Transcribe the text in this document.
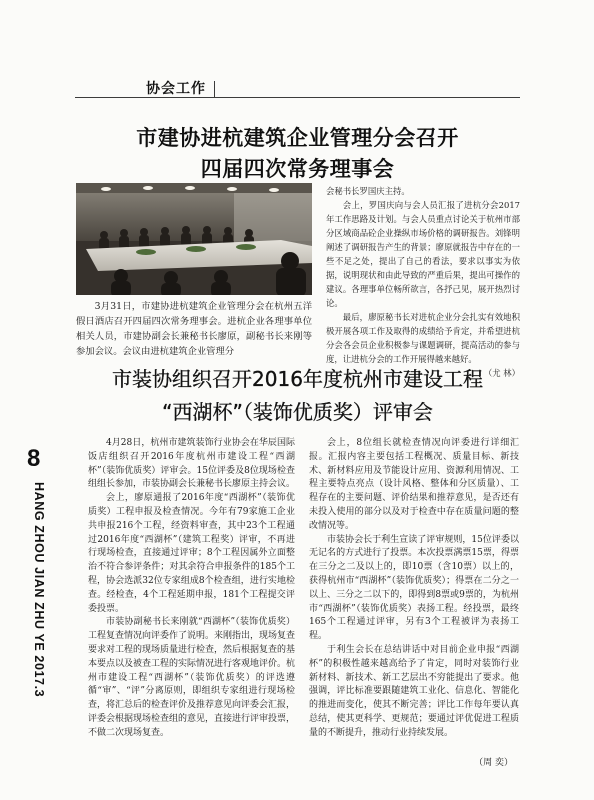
协会工作
市建协进杭建筑企业管理分会召开
四届四次常务理事会

3月31日，市建协进杭建筑企业管理分会在杭州五洋假日酒店召开四届四次常务理事会。进杭企业各理事单位相关人员，市建协副会长兼秘书长廖原，副秘书长来刚等参加会议。会议由进杭建筑企业管理分

会秘书长罗国庆主持。

会上，罗国庆向与会人员汇报了进杭分会2017年工作思路及计划。与会人员重点讨论关于杭州市部分区域商品砼企业操纵市场价格的调研报告。刘锋明阐述了调研报告产生的背景；廖原就报告中存在的一些不足之处，提出了自己的看法，要求以事实为依据，说明现状和由此导致的严重后果，提出可操作的建议。各理事单位畅所欲言，各抒己见，展开热烈讨论。

最后，廖原秘书长对进杭企业分会扎实有效地积极开展各项工作及取得的成绩给予肯定，并希望进杭分会各会员企业积极参与课题调研，提高活动的参与度，让进杭分会的工作开展得越来越好。
（尤 林）

市装协组织召开2016年度杭州市建设工程
“西湖杯”（装饰优质奖）评审会

4月28日，杭州市建筑装饰行业协会在华辰国际饭店组织召开2016年度杭州市建设工程“西湖杯”（装饰优质奖）评审会。15位评委及8位现场检查组组长参加，市装协副会长兼秘书长廖原主持会议。

会上，廖原通报了2016年度“西湖杯”（装饰优质奖）工程申报及检查情况。今年有79家施工企业共申报216个工程，经资料审查，其中23个工程通过2016年度“西湖杯”（建筑工程奖）评审，不再进行现场检查，直接通过评审；8个工程因属外立面整治不符合参评条件；对其余符合申报条件的185个工程，协会选派32位专家组成8个检查组，进行实地检查。经检查，4个工程延期申报，181个工程提交评委投票。

市装协副秘书长来刚就“西湖杯”（装饰优质奖）工程复查情况向评委作了说明。来刚指出，现场复查要求对工程的现场质量进行检查，然后根据复查的基本要点以及被查工程的实际情况进行客观地评价。杭州市建设工程“西湖杯”（装饰优质奖）的评选遵循“审”、“评”分离原则，即组织专家组进行现场检查，将汇总后的检查评价及推荐意见向评委会汇报，评委会根据现场检查组的意见，直接进行评审投票，不做二次现场复查。

会上，8位组长就检查情况向评委进行详细汇报。汇报内容主要包括工程概况、质量目标、新技术、新材料应用及节能设计应用、资源利用情况、工程主要特点亮点（设计风格、整体和分区质量）、工程存在的主要问题、评价结果和推荐意见，是否还有未投入使用的部分以及对于检查中存在质量问题的整改情况等。

市装协会长于利生宣读了评审规则，15位评委以无记名的方式进行了投票。本次投票满票15票，得票在三分之二及以上的，即10票（含10票）以上的，获得杭州市“西湖杯”（装饰优质奖）；得票在二分之一以上、三分之二以下的，即得到8票或9票的，为杭州市“西湖杯”（装饰优质奖）表扬工程。经投票，最终165个工程通过评审，另有3个工程被评为表扬工程。

于利生会长在总结讲话中对目前企业申报“西湖杯”的积极性越来越高给予了肯定，同时对装饰行业新材料、新技术、新工艺层出不穷能提出了要求。他强调，评比标准要跟随建筑工业化、信息化、智能化的推进而变化，使其不断完善；评比工作每年要认真总结，使其更科学、更规范；要通过评优促进工程质量的不断提升，推动行业持续发展。

（周 奕）

8
HANG ZHOU JIAN ZHU YE 2017.3
